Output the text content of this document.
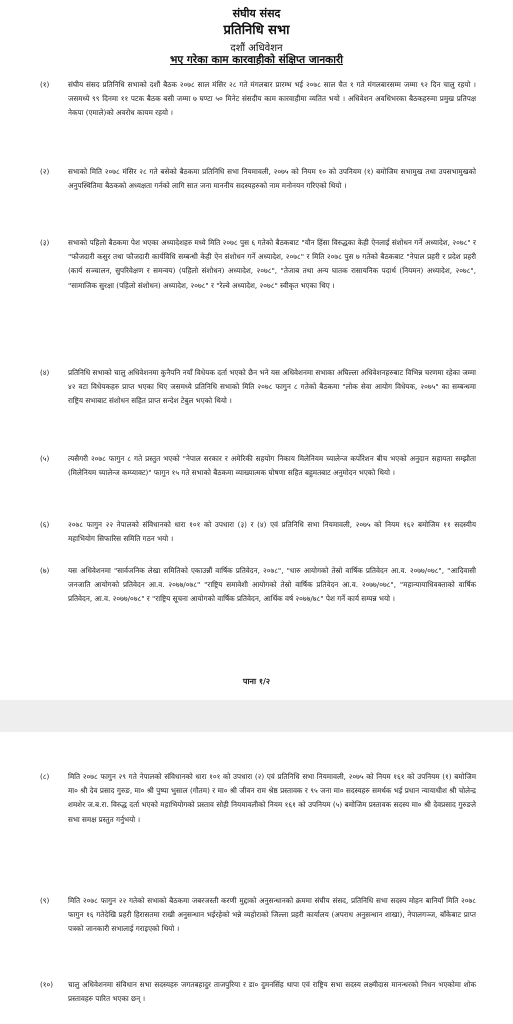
संघीय संसद
प्रतिनिधि सभा
दशौं अधिवेशन
भए गरेका काम कारवाहीको संक्षिप्त जानकारी
(१)	संघीय संसद प्रतिनिधि सभाको दशौं बैठक २०७८ साल मंसिर २८ गते मंगलबार प्रारम्भ भई २०७८ साल चैत १ गते मंगलबारसम्म जम्मा ९२ दिन चालु रहयो । जसमध्ये ९९ दिनमा ११ पटक बैठक बसी जम्मा ७ घण्टा ५० मिनेट संसदीय काम कारवाहीमा व्यतित भयो । अधिवेशन अवधिभरका बैठकहरुमा प्रमुख प्रतिपक्ष नेकपा (एमाले)को अवरोध कायम रहयो ।

(२)	सभाको मिति २०७८ मंसिर २८ गते बसेको बैठकमा प्रतिनिधि सभा नियमावली, २०७५ को नियम १० को उपनियम (१) बमोजिम सभामुख तथा उपसभामुखको अनुपस्थितिमा बैठकको अध्यक्षता गर्नको लागि सात जना माननीय सदस्यहरुको नाम मनोनयन गरिएको थियो ।

(३)	सभाको पहिलो बैठकमा पेश भएका अध्यादेशहरु मध्ये मिति २०७८ पुस ६ गतेको बैठकबाट "यौन हिंसा विरुद्धका केही ऐनलाई संशोधन गर्ने अध्यादेश, २०७८" र "फौजदारी कसुर तथा फौजदारी कार्यविधि सम्बन्धी केही ऐन संशोधन गर्ने अध्यादेश, २०७८" र मिति २०७८ पुस ७ गतेको बैठकबाट "नेपाल प्रहरी र प्रदेश प्रहरी (कार्य सञ्चालन, सुपरिवेक्षण र समन्वय) (पहिलो संशोधन) अध्यादेश, २०७८", "तेजाब तथा अन्य घातक रासायनिक पदार्थ (नियमन) अध्यादेश, २०७८", "सामाजिक सुरक्षा (पहिलो संशोधन) अध्यादेश, २०७८" र "रेल्वे अध्यादेश, २०७८" स्वीकृत भएका थिए ।

(४)	प्रतिनिधि सभाको चालु अधिवेशनमा कुनैपनि नयाँ विधेयक दर्ता भएको छैन भने यस अधिवेशनमा सभाका अघिल्ला अधिवेशनहरुबाट विभिन्न चरणमा रहेका जम्मा ४२ वटा विधेयकहरु प्राप्त भएका थिए जसमध्ये प्रतिनिधि सभाको मिति २०७८ फागुन ८ गतेको बैठकमा "लोक सेवा आयोग विधेयक, २०७५" का सम्बन्धमा राष्ट्रिय सभाबाट संशोधन सहित प्राप्त सन्देश टेबुल भएको थियो ।

(५)	त्यसैगरी २०७८ फागुन ८ गते प्रस्तुत भएको "नेपाल सरकार र अमेरिकी सहयोग निकाय मिलेनियम च्यालेन्ज कर्पोरेशन बीच भएको अनुदान सहायता सम्झौता (मिलेनियम च्यालेन्ज कम्प्याक्ट)" फागुन १५ गते सभाको बैठकमा व्याख्यात्मक घोषणा सहित बहुमतबाट अनुमोदन भएको थियो ।

(६)	२०७८ फागुन २२ नेपालको संविधानको धारा १०१ को उपधारा (३) र (४) एवं प्रतिनिधि सभा नियमावली, २०७५ को नियम १६२ बमोजिम ११ सदस्यीय महाभियोग सिफारिस समिति गठन भयो ।

(७)	यस अधिवेशनमा "सार्वजनिक लेखा समितिको एकाउन्नौं वार्षिक प्रतिवेदन, २०७८", "धारु आयोगको तेस्रो वार्षिक प्रतिवेदन आ.व. २०७७/०७८", "आदिवासी जनजाति आयोगको प्रतिवेदन आ.व. २०७७/०७८" "राष्ट्रिय समावेशी आयोगको तेस्रो वार्षिक प्रतिवेदन आ.व. २०७७/०७८", "महान्यायाधिवक्ताको वार्षिक प्रतिवेदन, आ.व. २०७७/०७८" र "राष्ट्रिय सूचना आयोगको वार्षिक प्रतिवेदन, आर्थिक वर्ष २०७७/७८" पेश गर्ने कार्य सम्पन्न भयो ।

पाना १/२
(८)	मिति २०७८ फागुन २९ गते नेपालको संविधानको धारा १०१ को उपधारा (२) एवं प्रतिनिधि सभा नियमावली, २०७५ को नियम १६१ को उपनियम (१) बमोजिम मा० श्री देव प्रसाद गुरुङ, मा० श्री पुष्पा भुसाल (गौतम) र मा० श्री जीवन राम श्रेष्ठ प्रस्तावक र ९५ जना मा० सदस्यहरु समर्थक भई प्रधान न्यायाधीश श्री चोलेन्द्र शमशेर ज.ब.रा. विरुद्ध दर्ता भएको महाभियोगको प्रस्ताव सोही नियमावलीको नियम १६१ को उपनियम (५) बमोजिम प्रस्तावक सदस्य मा० श्री देवप्रसाद गुरुङले सभा समक्ष प्रस्तुत गर्नुभयो ।

(९)	मिति २०७८ फागुन २२ गतेको सभाको बैठकमा जबरजस्ती करणी मुद्दाको अनुसन्धानको क्रममा संघीय संसद, प्रतिनिधि सभा सदस्य मोहन बानियाँ मिति २०७८ फागुन १६ गतेदेखि प्रहरी हिरासतमा राखी अनुसन्धान भईरहेको भन्ने व्यहोराको जिल्ला प्रहरी कार्यालय (अपराध अनुसन्धान शाखा), नेपालगञ्ज, बाँकेबाट प्राप्त पत्रको जानकारी सभालाई गराइएको थियो ।

(१०) चालु अधिवेशनमा संविधान सभा सदस्यहरु जगतबहादुर ताजपुरिया र डा० दुमनसिंह थापा एवं राष्ट्रिय सभा सदस्य लक्ष्मीदास मानन्धरको निधन भएकोमा शोक प्रस्तावहरु पारित भएका छन् ।
